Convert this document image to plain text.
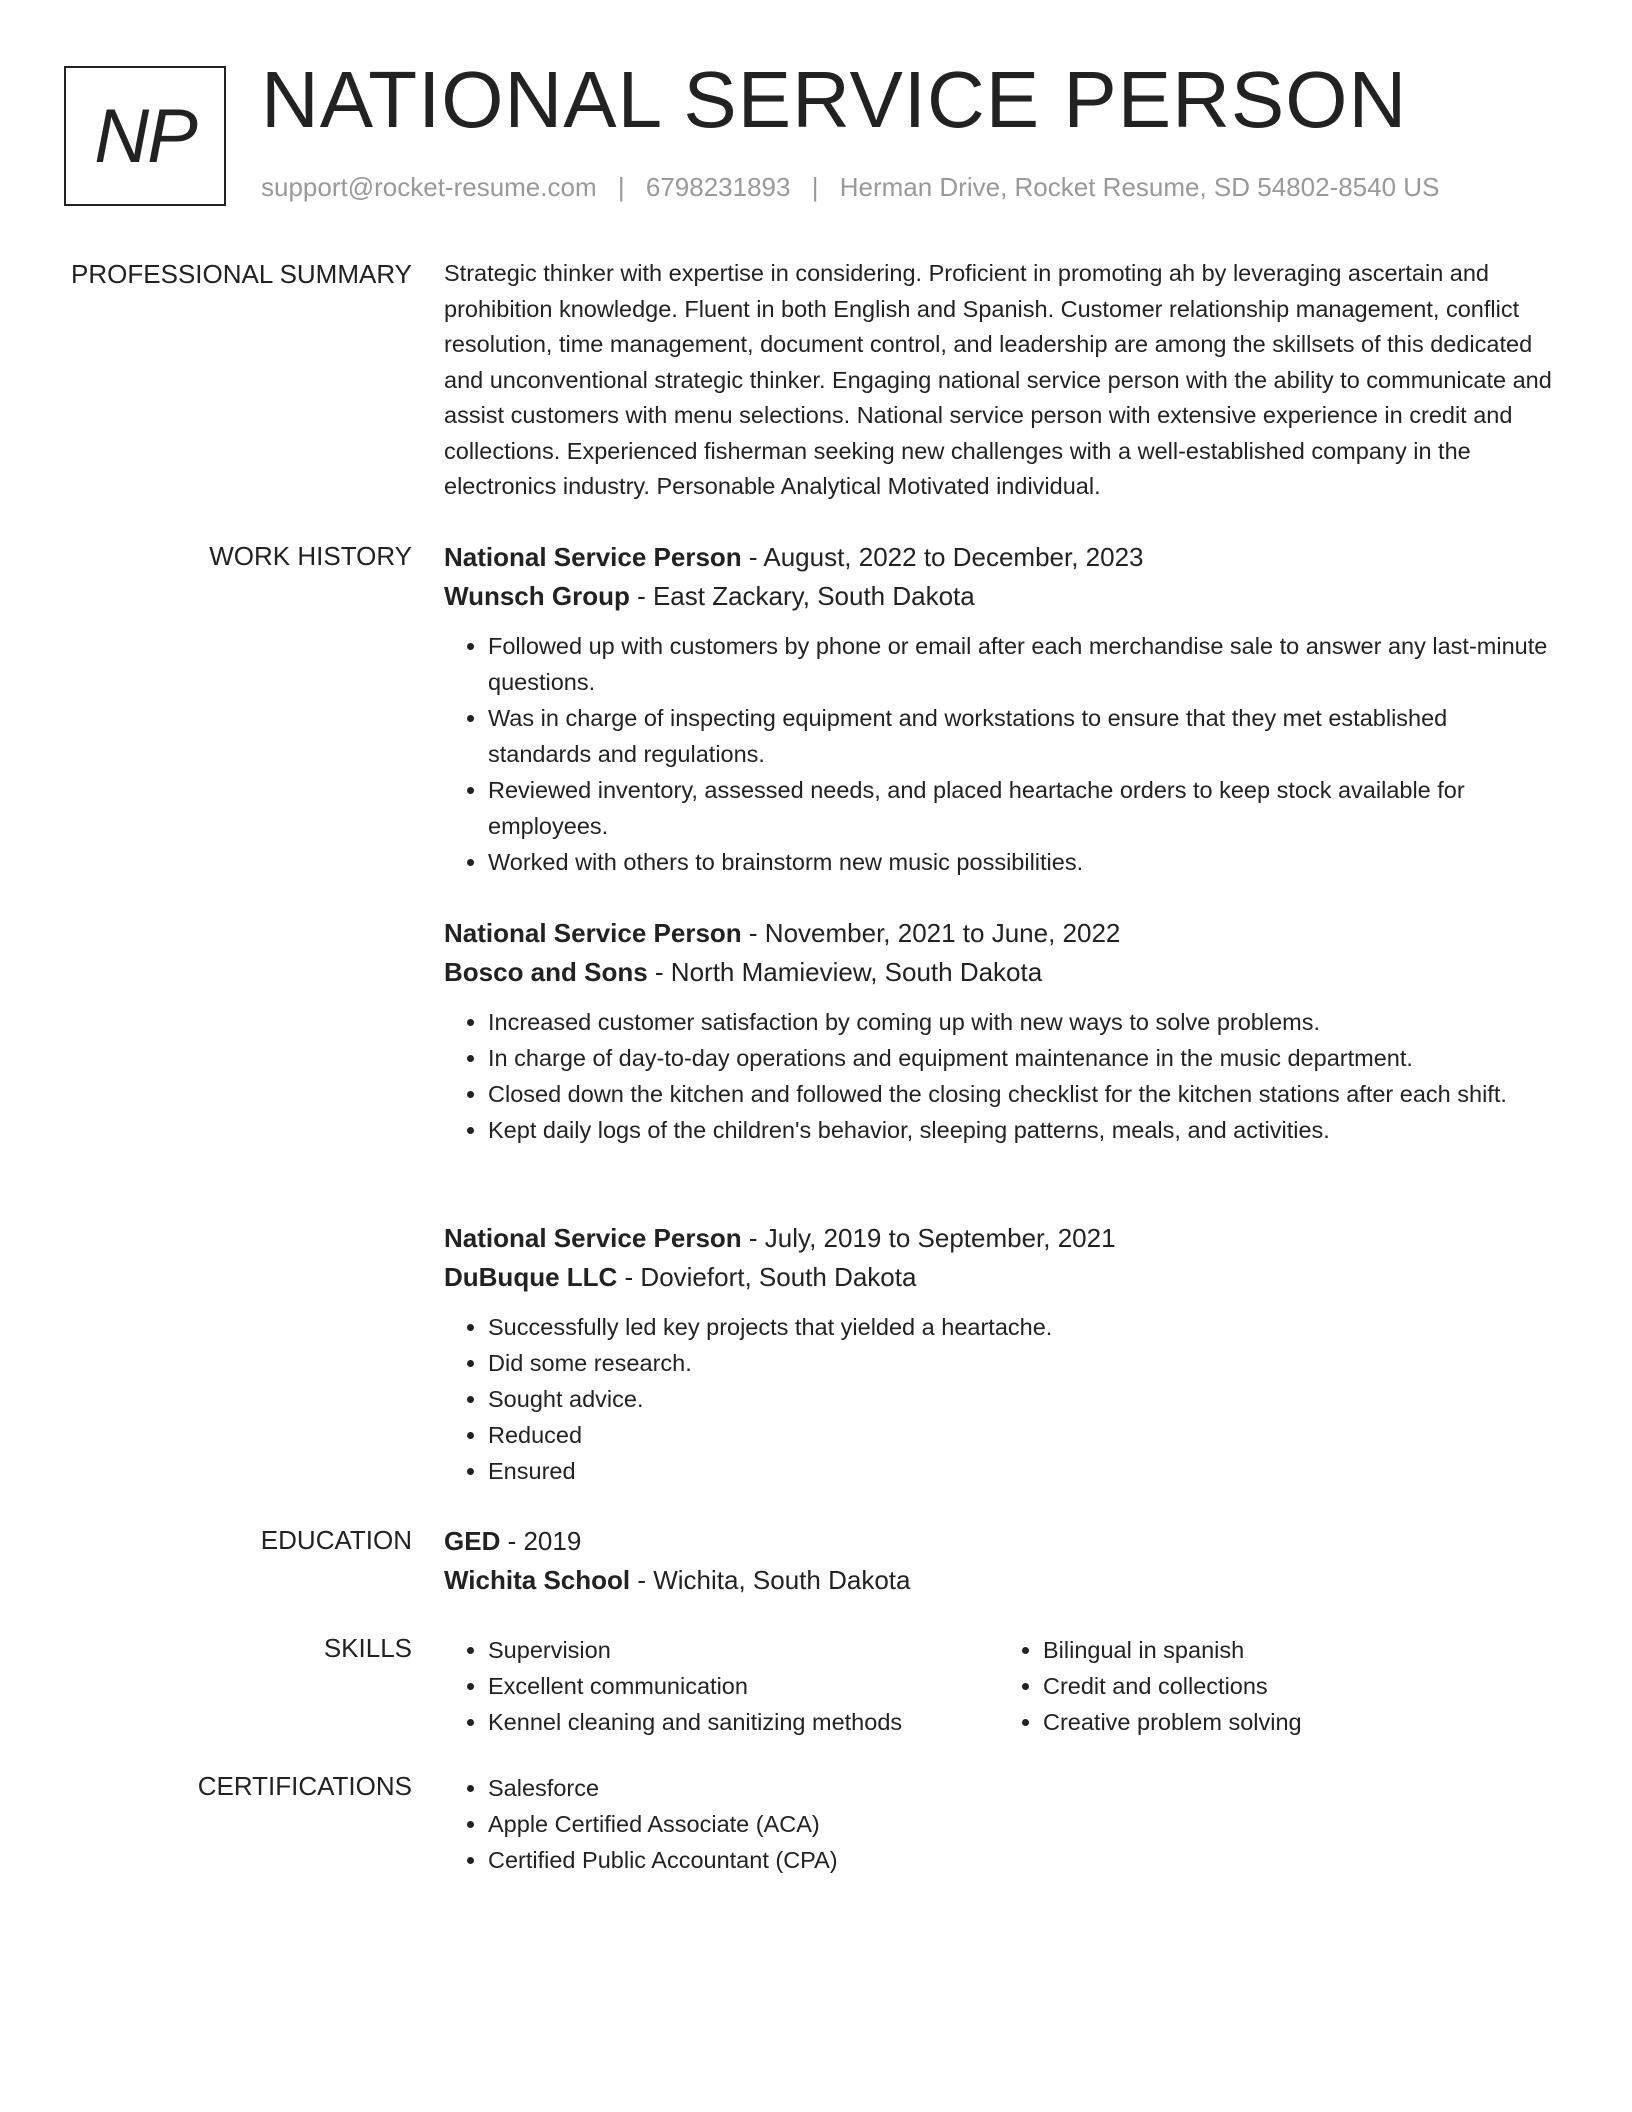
NP NATIONAL SERVICE PERSON
support@rocket-resume.com | 6798231893 | Herman Drive, Rocket Resume, SD 54802-8540 US
PROFESSIONAL SUMMARY Strategic thinker with expertise in considering. Proficient in promoting ah by leveraging ascertain and prohibition knowledge. Fluent in both English and Spanish. Customer relationship management, conflict resolution, time management, document control, and leadership are among the skillsets of this dedicated and unconventional strategic thinker. Engaging national service person with the ability to communicate and assist customers with menu selections. National service person with extensive experience in credit and collections. Experienced fisherman seeking new challenges with a well-established company in the electronics industry. Personable Analytical Motivated individual.
WORK HISTORY National Service Person - August, 2022 to December, 2023
Wunsch Group - East Zackary, South Dakota
• Followed up with customers by phone or email after each merchandise sale to answer any last-minute questions.
• Was in charge of inspecting equipment and workstations to ensure that they met established standards and regulations.
• Reviewed inventory, assessed needs, and placed heartache orders to keep stock available for employees.
• Worked with others to brainstorm new music possibilities.
National Service Person - November, 2021 to June, 2022
Bosco and Sons - North Mamieview, South Dakota
• Increased customer satisfaction by coming up with new ways to solve problems.
• In charge of day-to-day operations and equipment maintenance in the music department.
• Closed down the kitchen and followed the closing checklist for the kitchen stations after each shift.
• Kept daily logs of the children's behavior, sleeping patterns, meals, and activities.
National Service Person - July, 2019 to September, 2021
DuBuque LLC - Doviefort, South Dakota
• Successfully led key projects that yielded a heartache.
• Did some research.
• Sought advice.
• Reduced
• Ensured
EDUCATION GED - 2019
Wichita School - Wichita, South Dakota
SKILLS	• Supervision
• Excellent communication
• Kennel cleaning and sanitizing methods
• Bilingual in spanish
• Credit and collections
• Creative problem solving
CERTIFICATIONS	• Salesforce
• Apple Certified Associate (ACA)
• Certified Public Accountant (CPA)
